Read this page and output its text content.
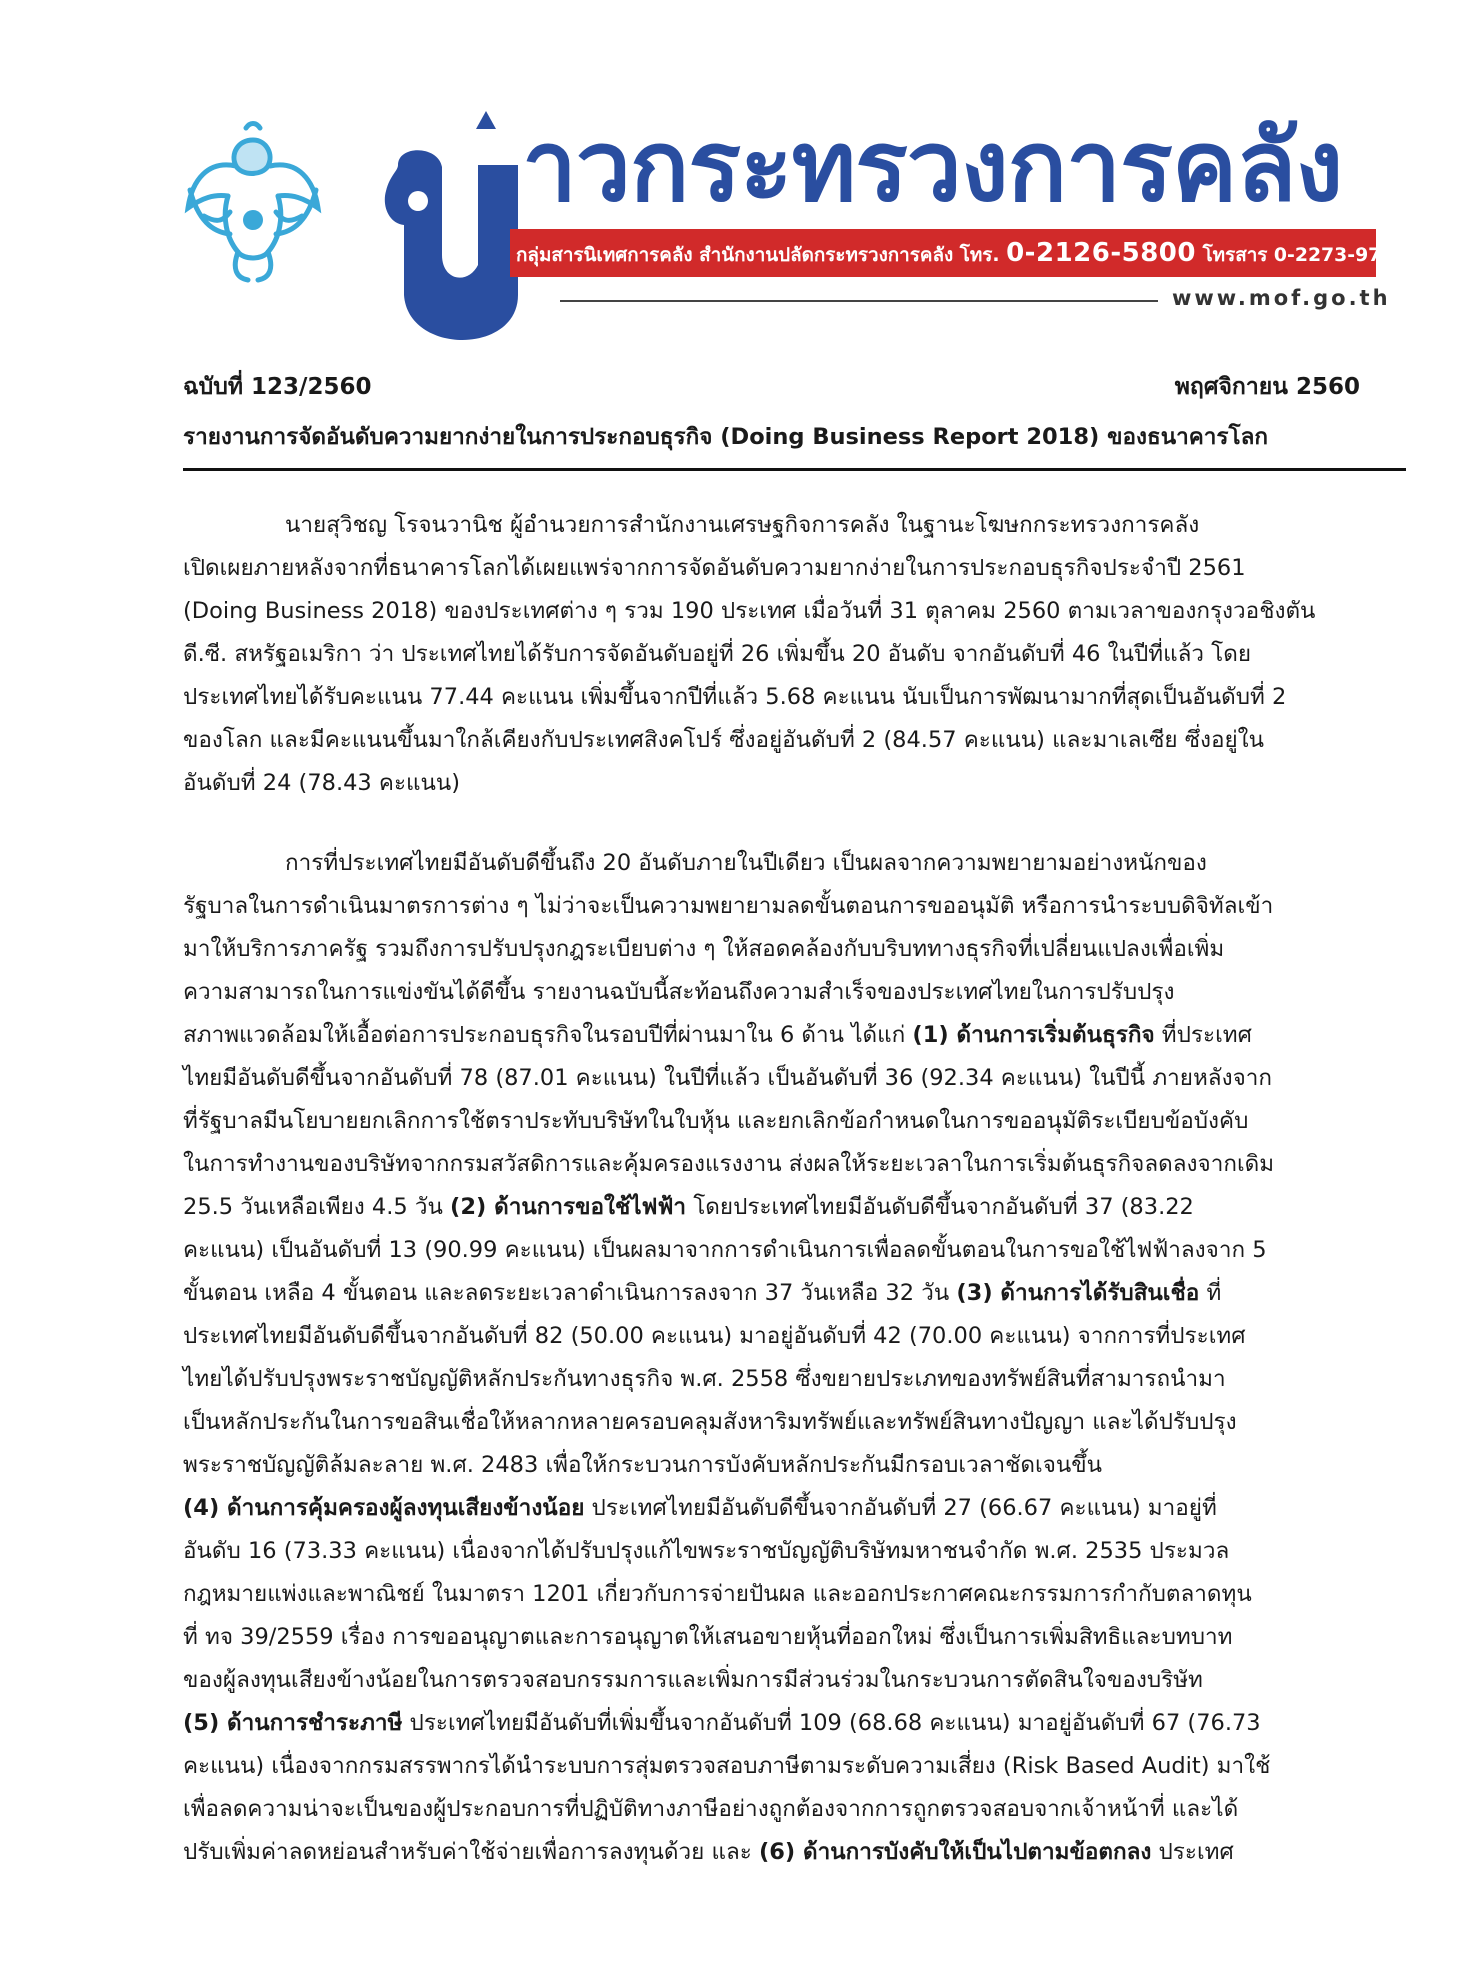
าวกระทรวงการคลัง
กลุ่มสารนิเทศการคลัง สำนักงานปลัดกระทรวงการคลัง โทร. 0-2126-5800 โทรสาร 0-2273-9763
www.mof.go.th
ฉบับที่ 123/2560	พฤศจิกายน 2560
รายงานการจัดอันดับความยากง่ายในการประกอบธุรกิจ (Doing Business Report 2018) ของธนาคารโลก
นายสุวิชญ โรจนวานิช ผู้อำนวยการสำนักงานเศรษฐกิจการคลัง ในฐานะโฆษกกระทรวงการคลัง
เปิดเผยภายหลังจากที่ธนาคารโลกได้เผยแพร่จากการจัดอันดับความยากง่ายในการประกอบธุรกิจประจำปี 2561
(Doing Business 2018) ของประเทศต่าง ๆ รวม 190 ประเทศ เมื่อวันที่ 31 ตุลาคม 2560 ตามเวลาของกรุงวอชิงตัน
ดี.ซี. สหรัฐอเมริกา ว่า ประเทศไทยได้รับการจัดอันดับอยู่ที่ 26 เพิ่มขึ้น 20 อันดับ จากอันดับที่ 46 ในปีที่แล้ว โดย
ประเทศไทยได้รับคะแนน 77.44 คะแนน เพิ่มขึ้นจากปีที่แล้ว 5.68 คะแนน นับเป็นการพัฒนามากที่สุดเป็นอันดับที่ 2
ของโลก และมีคะแนนขึ้นมาใกล้เคียงกับประเทศสิงคโปร์ ซึ่งอยู่อันดับที่ 2 (84.57 คะแนน) และมาเลเซีย ซึ่งอยู่ใน
อันดับที่ 24 (78.43 คะแนน)
การที่ประเทศไทยมีอันดับดีขึ้นถึง 20 อันดับภายในปีเดียว เป็นผลจากความพยายามอย่างหนักของ
รัฐบาลในการดำเนินมาตรการต่าง ๆ ไม่ว่าจะเป็นความพยายามลดขั้นตอนการขออนุมัติ หรือการนำระบบดิจิทัลเข้า
มาให้บริการภาครัฐ รวมถึงการปรับปรุงกฎระเบียบต่าง ๆ ให้สอดคล้องกับบริบททางธุรกิจที่เปลี่ยนแปลงเพื่อเพิ่ม
ความสามารถในการแข่งขันได้ดีขึ้น รายงานฉบับนี้สะท้อนถึงความสำเร็จของประเทศไทยในการปรับปรุง
สภาพแวดล้อมให้เอื้อต่อการประกอบธุรกิจในรอบปีที่ผ่านมาใน 6 ด้าน ได้แก่ (1) ด้านการเริ่มต้นธุรกิจ ที่ประเทศ
ไทยมีอันดับดีขึ้นจากอันดับที่ 78 (87.01 คะแนน) ในปีที่แล้ว เป็นอันดับที่ 36 (92.34 คะแนน) ในปีนี้ ภายหลังจาก
ที่รัฐบาลมีนโยบายยกเลิกการใช้ตราประทับบริษัทในใบหุ้น และยกเลิกข้อกำหนดในการขออนุมัติระเบียบข้อบังคับ
ในการทำงานของบริษัทจากกรมสวัสดิการและคุ้มครองแรงงาน ส่งผลให้ระยะเวลาในการเริ่มต้นธุรกิจลดลงจากเดิม
25.5 วันเหลือเพียง 4.5 วัน (2) ด้านการขอใช้ไฟฟ้า โดยประเทศไทยมีอันดับดีขึ้นจากอันดับที่ 37 (83.22
คะแนน) เป็นอันดับที่ 13 (90.99 คะแนน) เป็นผลมาจากการดำเนินการเพื่อลดขั้นตอนในการขอใช้ไฟฟ้าลงจาก 5
ขั้นตอน เหลือ 4 ขั้นตอน และลดระยะเวลาดำเนินการลงจาก 37 วันเหลือ 32 วัน (3) ด้านการได้รับสินเชื่อ ที่
ประเทศไทยมีอันดับดีขึ้นจากอันดับที่ 82 (50.00 คะแนน) มาอยู่อันดับที่ 42 (70.00 คะแนน) จากการที่ประเทศ
ไทยได้ปรับปรุงพระราชบัญญัติหลักประกันทางธุรกิจ พ.ศ. 2558 ซึ่งขยายประเภทของทรัพย์สินที่สามารถนำมา
เป็นหลักประกันในการขอสินเชื่อให้หลากหลายครอบคลุมสังหาริมทรัพย์และทรัพย์สินทางปัญญา และได้ปรับปรุง
พระราชบัญญัติล้มละลาย พ.ศ. 2483 เพื่อให้กระบวนการบังคับหลักประกันมีกรอบเวลาชัดเจนขึ้น
(4) ด้านการคุ้มครองผู้ลงทุนเสียงข้างน้อย ประเทศไทยมีอันดับดีขึ้นจากอันดับที่ 27 (66.67 คะแนน) มาอยู่ที่
อันดับ 16 (73.33 คะแนน) เนื่องจากได้ปรับปรุงแก้ไขพระราชบัญญัติบริษัทมหาชนจำกัด พ.ศ. 2535 ประมวล
กฎหมายแพ่งและพาณิชย์ ในมาตรา 1201 เกี่ยวกับการจ่ายปันผล และออกประกาศคณะกรรมการกำกับตลาดทุน
ที่ ทจ 39/2559 เรื่อง การขออนุญาตและการอนุญาตให้เสนอขายหุ้นที่ออกใหม่ ซึ่งเป็นการเพิ่มสิทธิและบทบาท
ของผู้ลงทุนเสียงข้างน้อยในการตรวจสอบกรรมการและเพิ่มการมีส่วนร่วมในกระบวนการตัดสินใจของบริษัท
(5) ด้านการชำระภาษี ประเทศไทยมีอันดับที่เพิ่มขึ้นจากอันดับที่ 109 (68.68 คะแนน) มาอยู่อันดับที่ 67 (76.73
คะแนน) เนื่องจากกรมสรรพากรได้นำระบบการสุ่มตรวจสอบภาษีตามระดับความเสี่ยง (Risk Based Audit) มาใช้
เพื่อลดความน่าจะเป็นของผู้ประกอบการที่ปฏิบัติทางภาษีอย่างถูกต้องจากการถูกตรวจสอบจากเจ้าหน้าที่ และได้
ปรับเพิ่มค่าลดหย่อนสำหรับค่าใช้จ่ายเพื่อการลงทุนด้วย และ (6) ด้านการบังคับให้เป็นไปตามข้อตกลง ประเทศ
